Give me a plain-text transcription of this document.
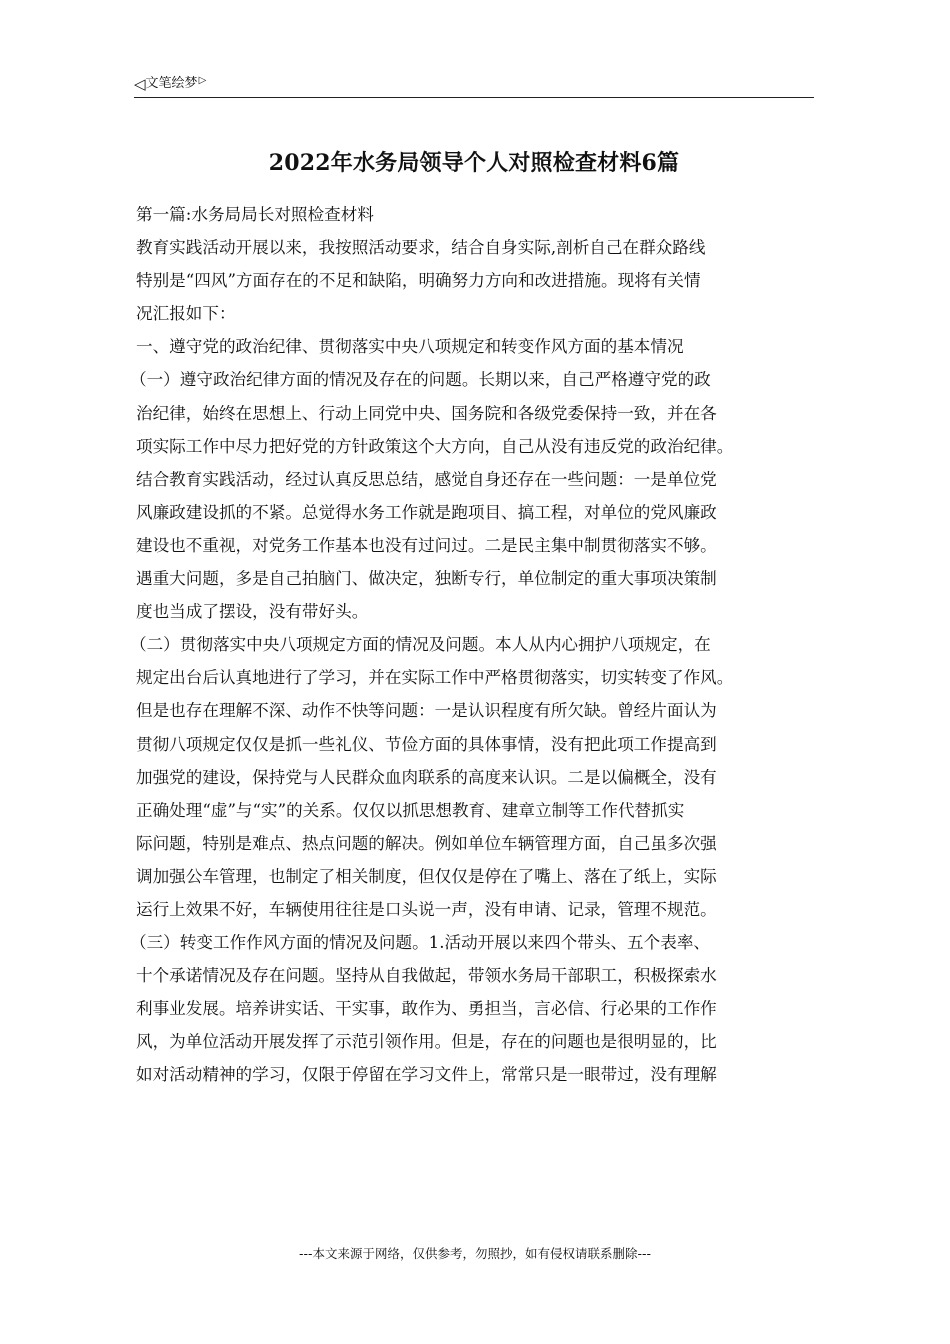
◁ 文笔绘梦 ▷
2022年水务局领导个人对照检查材料6篇
第一篇:水务局局长对照检查材料
教育实践活动开展以来，我按照活动要求，结合自身实际,剖析自己在群众路线
特别是“四风”方面存在的不足和缺陷，明确努力方向和改进措施。现将有关情
况汇报如下：
一、遵守党的政治纪律、贯彻落实中央八项规定和转变作风方面的基本情况
（一）遵守政治纪律方面的情况及存在的问题。长期以来，自己严格遵守党的政
治纪律，始终在思想上、行动上同党中央、国务院和各级党委保持一致，并在各
项实际工作中尽力把好党的方针政策这个大方向，自己从没有违反党的政治纪律。
结合教育实践活动，经过认真反思总结，感觉自身还存在一些问题：一是单位党
风廉政建设抓的不紧。总觉得水务工作就是跑项目、搞工程，对单位的党风廉政
建设也不重视，对党务工作基本也没有过问过。二是民主集中制贯彻落实不够。
遇重大问题，多是自己拍脑门、做决定，独断专行，单位制定的重大事项决策制
度也当成了摆设，没有带好头。
（二）贯彻落实中央八项规定方面的情况及问题。本人从内心拥护八项规定，在
规定出台后认真地进行了学习，并在实际工作中严格贯彻落实，切实转变了作风。
但是也存在理解不深、动作不快等问题：一是认识程度有所欠缺。曾经片面认为
贯彻八项规定仅仅是抓一些礼仪、节俭方面的具体事情，没有把此项工作提高到
加强党的建设，保持党与人民群众血肉联系的高度来认识。二是以偏概全，没有
正确处理“虚”与“实”的关系。仅仅以抓思想教育、建章立制等工作代替抓实
际问题，特别是难点、热点问题的解决。例如单位车辆管理方面，自己虽多次强
调加强公车管理，也制定了相关制度，但仅仅是停在了嘴上、落在了纸上，实际
运行上效果不好，车辆使用往往是口头说一声，没有申请、记录，管理不规范。
（三）转变工作作风方面的情况及问题。1.活动开展以来四个带头、五个表率、
十个承诺情况及存在问题。坚持从自我做起，带领水务局干部职工，积极探索水
利事业发展。培养讲实话、干实事，敢作为、勇担当，言必信、行必果的工作作
风，为单位活动开展发挥了示范引领作用。但是，存在的问题也是很明显的，比
如对活动精神的学习，仅限于停留在学习文件上，常常只是一眼带过，没有理解
---本文来源于网络，仅供参考，勿照抄，如有侵权请联系删除---
